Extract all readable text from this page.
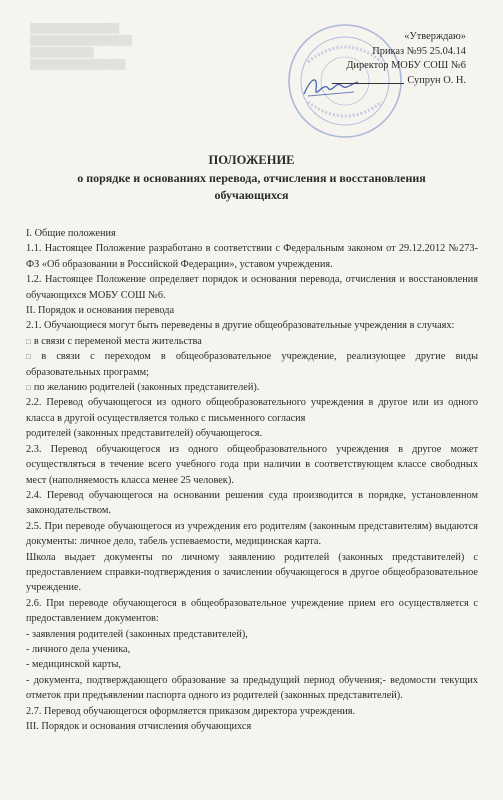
██████████████
████████████████
██████████
███████████████
«Утверждаю»
Приказ №95 25.04.14
Директор МОБУ СОШ №6
Супрун О. Н.
ПОЛОЖЕНИЕ
о порядке и основаниях перевода, отчисления и восстановления
обучающихся
I. Общие положения
1.1. Настоящее Положение разработано в соответствии с Федеральным законом от 29.12.2012 №273-ФЗ «Об образовании в Российской Федерации», уставом учреждения.
1.2. Настоящее Положение определяет порядок и основания перевода, отчисления и восстановления обучающихся МОБУ СОШ №6.
II. Порядок и основания перевода
2.1. Обучающиеся могут быть переведены в другие общеобразовательные учреждения в случаях:
□ в связи с переменой места жительства
□ в связи с переходом в общеобразовательное учреждение, реализующее другие виды образовательных программ;
□ по желанию родителей (законных представителей).
2.2. Перевод обучающегося из одного общеобразовательного учреждения в другое или из одного класса в другой осуществляется только с письменного согласия
родителей (законных представителей) обучающегося.
2.3. Перевод обучающегося из одного общеобразовательного учреждения в другое может осуществляться в течение всего учебного года при наличии в соответствующем классе свободных мест (наполняемость класса менее 25 человек).
2.4. Перевод обучающегося на основании решения суда производится в порядке, установленном законодательством.
2.5. При переводе обучающегося из учреждения его родителям (законным представителям) выдаются документы: личное дело, табель успеваемости, медицинская карта.
Школа выдает документы по личному заявлению родителей (законных представителей) с предоставлением справки-подтверждения о зачислении обучающегося в другое общеобразовательное учреждение.
2.6. При переводе обучающегося в общеобразовательное учреждение прием его осуществляется с предоставлением документов:
- заявления родителей (законных представителей),
- личного дела ученика,
- медицинской карты,
- документа, подтверждающего образование за предыдущий период обучения;- ведомости текущих отметок при предъявлении паспорта одного из родителей (законных представителей).
2.7. Перевод обучающегося оформляется приказом директора учреждения.
III. Порядок и основания отчисления обучающихся
